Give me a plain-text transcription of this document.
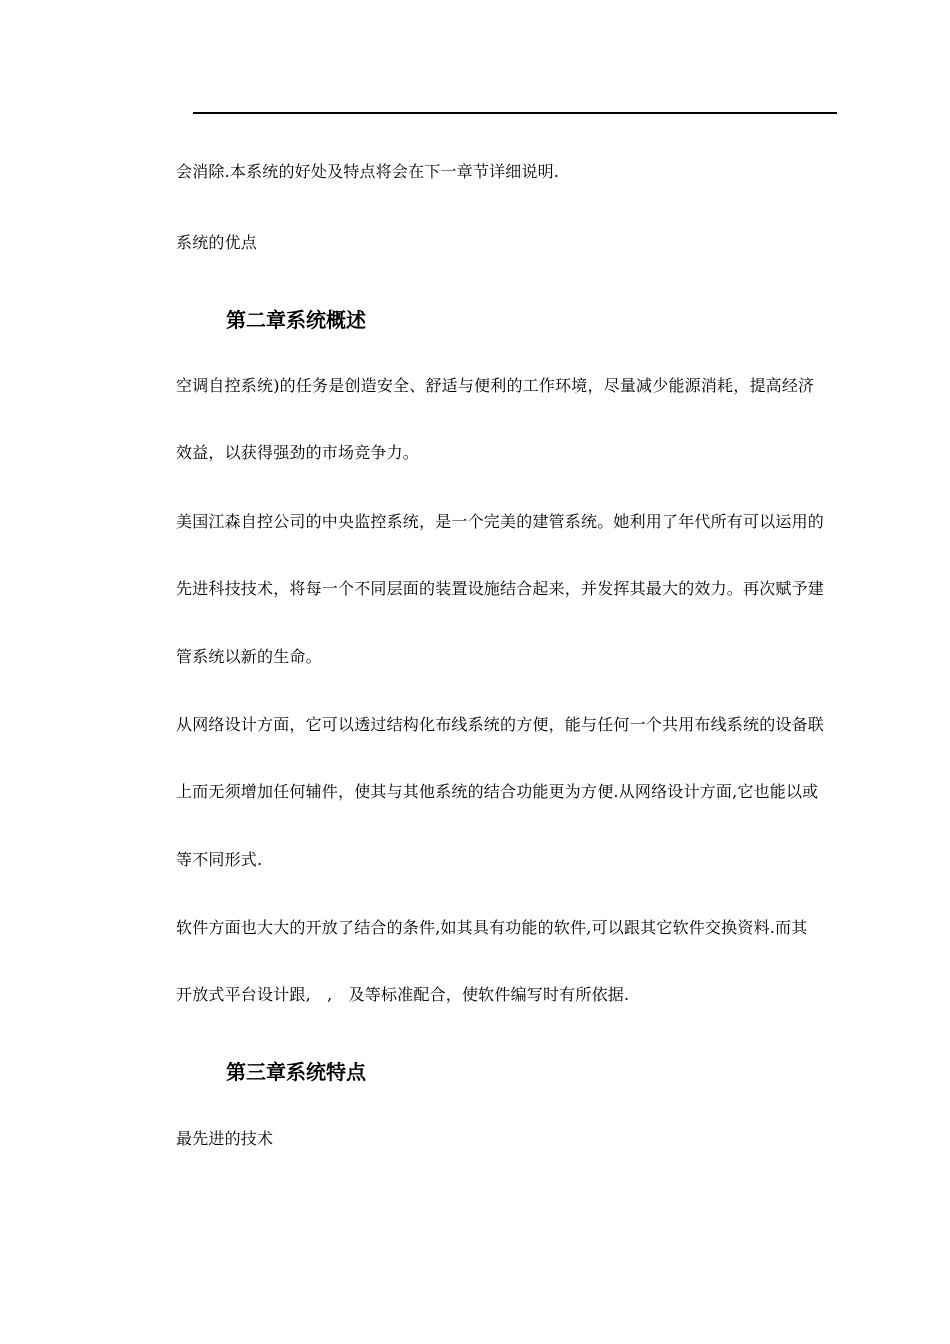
会消除.本系统的好处及特点将会在下一章节详细说明.
系统的优点
第二章系统概述
空调自控系统)的任务是创造安全、舒适与便利的工作环境，尽量减少能源消耗，提高经济
效益，以获得强劲的市场竞争力。
美国江森自控公司的中央监控系统，是一个完美的建管系统。她利用了年代所有可以运用的
先进科技技术，将每一个不同层面的装置设施结合起来，并发挥其最大的效力。再次赋予建
管系统以新的生命。
从网络设计方面，它可以透过结构化布线系统的方便，能与任何一个共用布线系统的设备联
上而无须增加任何辅件，使其与其他系统的结合功能更为方便.从网络设计方面,它也能以或
等不同形式.
软件方面也大大的开放了结合的条件,如其具有功能的软件,可以跟其它软件交换资料.而其
开放式平台设计跟,　,　及等标准配合，使软件编写时有所依据.
第三章系统特点
最先进的技术
